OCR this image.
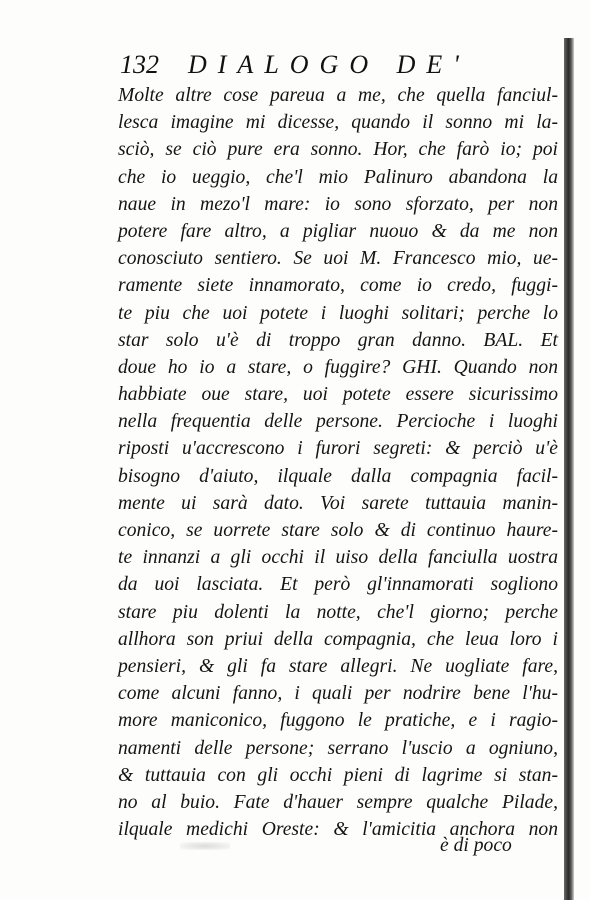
132 DIALOGO DE'
Molte altre cose pareua a me, che quella fanciul-
lesca imagine mi dicesse, quando il sonno mi la-
sciò, se ciò pure era sonno. Hor, che farò io; poi
che io ueggio, che'l mio Palinuro abandona la
naue in mezo'l mare: io sono sforzato, per non
potere fare altro, a pigliar nuouo & da me non
conosciuto sentiero. Se uoi M. Francesco mio, ue-
ramente siete innamorato, come io credo, fuggi-
te piu che uoi potete i luoghi solitari; perche lo
star solo u'è di troppo gran danno. BAL. Et
doue ho io a stare, o fuggire? GHI. Quando non
habbiate oue stare, uoi potete essere sicurissimo
nella frequentia delle persone. Percioche i luoghi
riposti u'accrescono i furori segreti: & perciò u'è
bisogno d'aiuto, ilquale dalla compagnia facil-
mente ui sarà dato. Voi sarete tuttauia manin-
conico, se uorrete stare solo & di continuo haure-
te innanzi a gli occhi il uiso della fanciulla uostra
da uoi lasciata. Et però gl'innamorati sogliono
stare piu dolenti la notte, che'l giorno; perche
allhora son priui della compagnia, che leua loro i
pensieri, & gli fa stare allegri. Ne uogliate fare,
come alcuni fanno, i quali per nodrire bene l'hu-
more maniconico, fuggono le pratiche, e i ragio-
namenti delle persone; serrano l'uscio a ogniuno,
& tuttauia con gli occhi pieni di lagrime si stan-
no al buio. Fate d'hauer sempre qualche Pilade,
ilquale medichi Oreste: & l'amicitia anchora non
è di poco
